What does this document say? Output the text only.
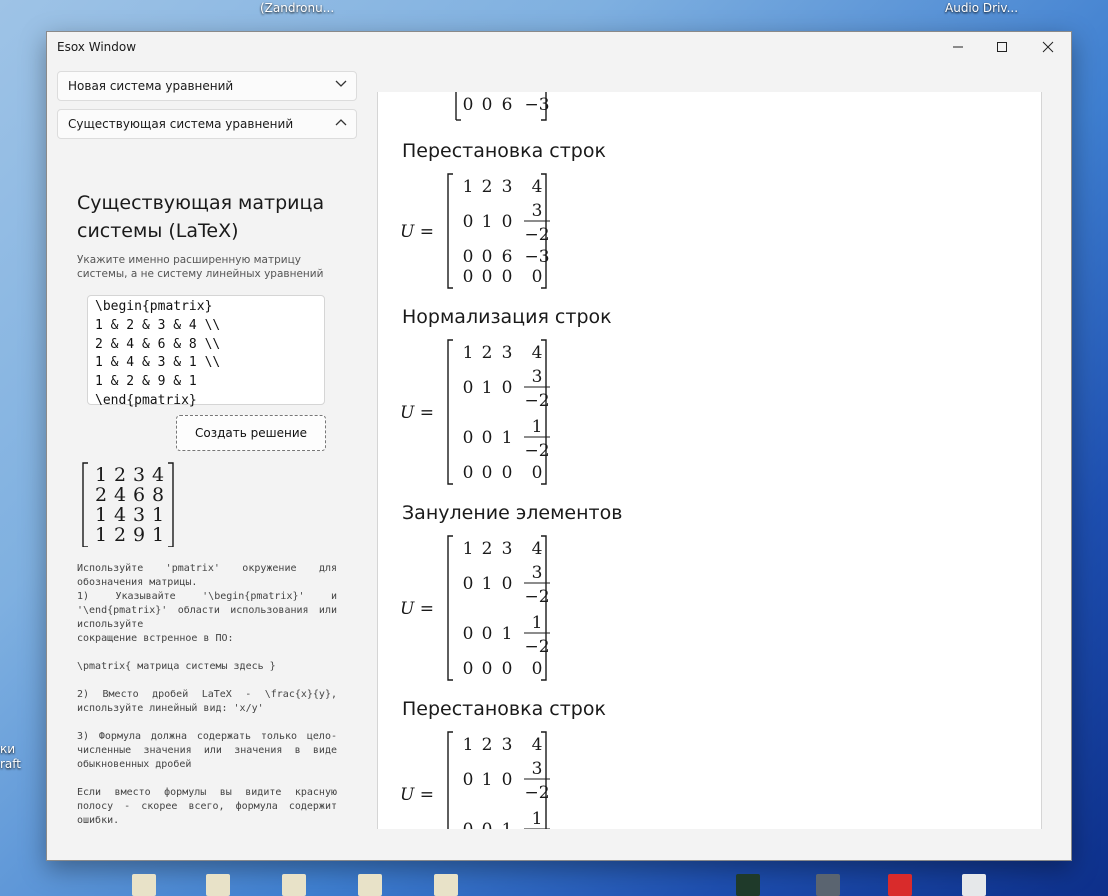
(Zandronu...	Audio Driv...
ки
raft
Esox Window
Новая система уравнений
Существующая система уравнений
Существующая матрица системы (LaTeX)
Укажите именно расширенную матрицу системы, а не систему линейных уравнений
\begin{pmatrix}
1 & 2 & 3 & 4 \\
2 & 4 & 6 & 8 \\
1 & 4 & 3 & 1 \\
1 & 2 & 9 & 1
\end{pmatrix}
Создать решение
1 2 3 4
2 4 6 8
1 4 3 1
1 2 9 1
Используйте 'pmatrix' окружение для обозначения матрицы.
1) Указывайте '\begin{pmatrix}' и '\end{pmatrix}' области использования или используйте
сокращение встренное в ПО:

\pmatrix{ матрица системы здесь }

2) Вместо дробей LaTeX - \frac{x}{y}, используйте линейный вид: 'x/y'

3) Формула должна содержать только цело-численные значения или значения в виде обыкновенных дробей

Если вместо формулы вы видите красную полосу - скорее всего, формула содержит ошибки.
0 0 0 0
0 0 6 −3
Перестановка строк
U =
1 2 3 4
0 1 0
3
−2
0 0 6 −3
0 0 0 0
Нормализация строк
U =
1 2 3 4
0 1 0
3
−2
0 0 1
1
−2
0 0 0 0
Зануление элементов
U =
1 2 3 4
0 1 0
3
−2
0 0 1
1
−2
0 0 0 0
Перестановка строк
U =
1 2 3 4
0 1 0
3
−2
0 0 1
1
−2
